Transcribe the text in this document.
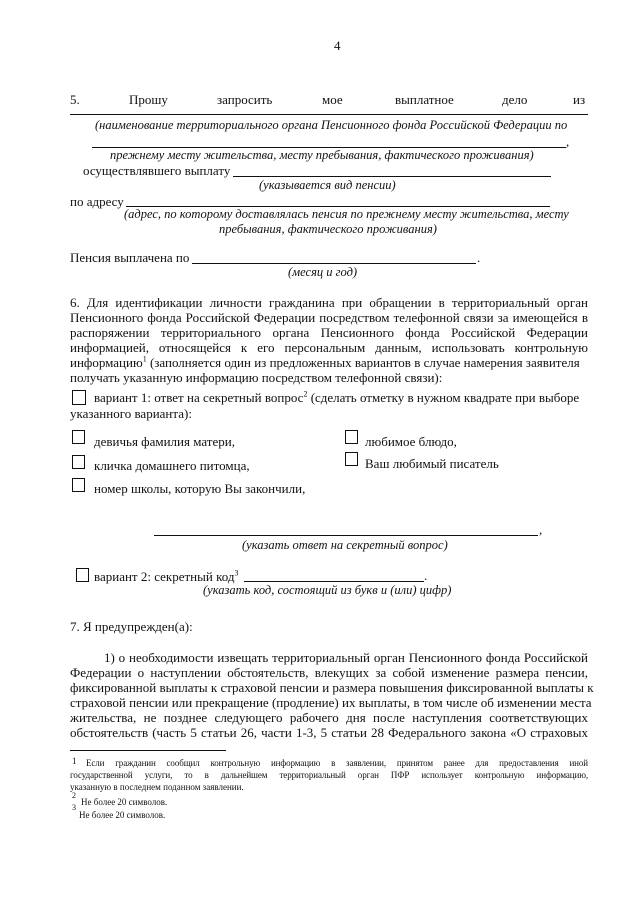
4
5.	Прошу	запросить	мое	выплатное	дело	из
(наименование территориального органа Пенсионного фонда Российской Федерации по
,
прежнему месту жительства, месту пребывания, фактического проживания)
осуществлявшего выплату
(указывается вид пенсии)
по адресу
(адрес, по которому доставлялась пенсия по прежнему месту жительства, месту
пребывания, фактического проживания)
Пенсия выплачена по	.
(месяц и год)
6. Для идентификации личности гражданина при обращении в территориальный орган
Пенсионного фонда Российской Федерации посредством телефонной связи за имеющейся в
распоряжении территориального органа Пенсионного фонда Российской Федерации
информацией, относящейся к его персональным данным, использовать контрольную
информацию$^1$ (заполняется один из предложенных вариантов в случае намерения заявителя
получать указанную информацию посредством телефонной связи):
вариант 1: ответ на секретный вопрос$^2$ (сделать отметку в нужном квадрате при выборе
указанного варианта):
девичья фамилия матери,	любимое блюдо,
кличка домашнего питомца,	Ваш любимый писатель
номер школы, которую Вы закончили,
,
(указать ответ на секретный вопрос)
вариант 2: секретный код$^3$	.
(указать код, состоящий из букв и (или) цифр)
7. Я предупрежден(а):
1) о необходимости извещать территориальный орган Пенсионного фонда Российской
Федерации о наступлении обстоятельств, влекущих за собой изменение размера пенсии,
фиксированной выплаты к страховой пенсии и размера повышения фиксированной выплаты к
страховой пенсии или прекращение (продление) их выплаты, в том числе об изменении места
жительства, не позднее следующего рабочего дня после наступления соответствующих
обстоятельств (часть 5 статьи 26, части 1-3, 5 статьи 28 Федерального закона «О страховых
1 Если гражданин сообщил контрольную информацию в заявлении, принятом ранее для предоставления иной
государственной услуги, то в дальнейшем территориальный орган ПФР использует контрольную информацию,
указанную в последнем поданном заявлении.
2
Не более 20 символов.
3
Не более 20 символов.
